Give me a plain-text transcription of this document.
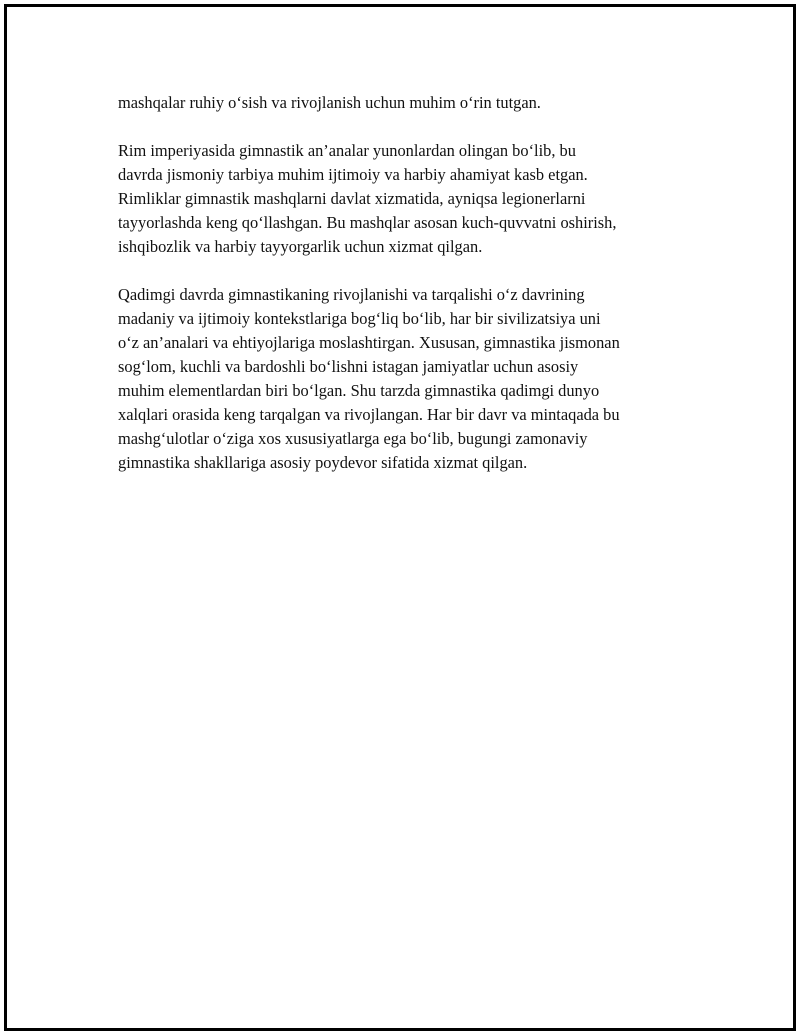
mashqalar ruhiy oʻsish va rivojlanish uchun muhim oʻrin tutgan.

Rim imperiyasida gimnastik an’analar yunonlardan olingan boʻlib, bu
davrda jismoniy tarbiya muhim ijtimoiy va harbiy ahamiyat kasb etgan.
Rimliklar gimnastik mashqlarni davlat xizmatida, ayniqsa legionerlarni
tayyorlashda keng qoʻllashgan. Bu mashqlar asosan kuch-quvvatni oshirish,
ishqibozlik va harbiy tayyorgarlik uchun xizmat qilgan.

Qadimgi davrda gimnastikaning rivojlanishi va tarqalishi oʻz davrining
madaniy va ijtimoiy kontekstlariga bogʻliq boʻlib, har bir sivilizatsiya uni
oʻz an’analari va ehtiyojlariga moslashtirgan. Xususan, gimnastika jismonan
sogʻlom, kuchli va bardoshli boʻlishni istagan jamiyatlar uchun asosiy
muhim elementlardan biri boʻlgan. Shu tarzda gimnastika qadimgi dunyo
xalqlari orasida keng tarqalgan va rivojlangan. Har bir davr va mintaqada bu
mashgʻulotlar oʻziga xos xususiyatlarga ega boʻlib, bugungi zamonaviy
gimnastika shakllariga asosiy poydevor sifatida xizmat qilgan.
